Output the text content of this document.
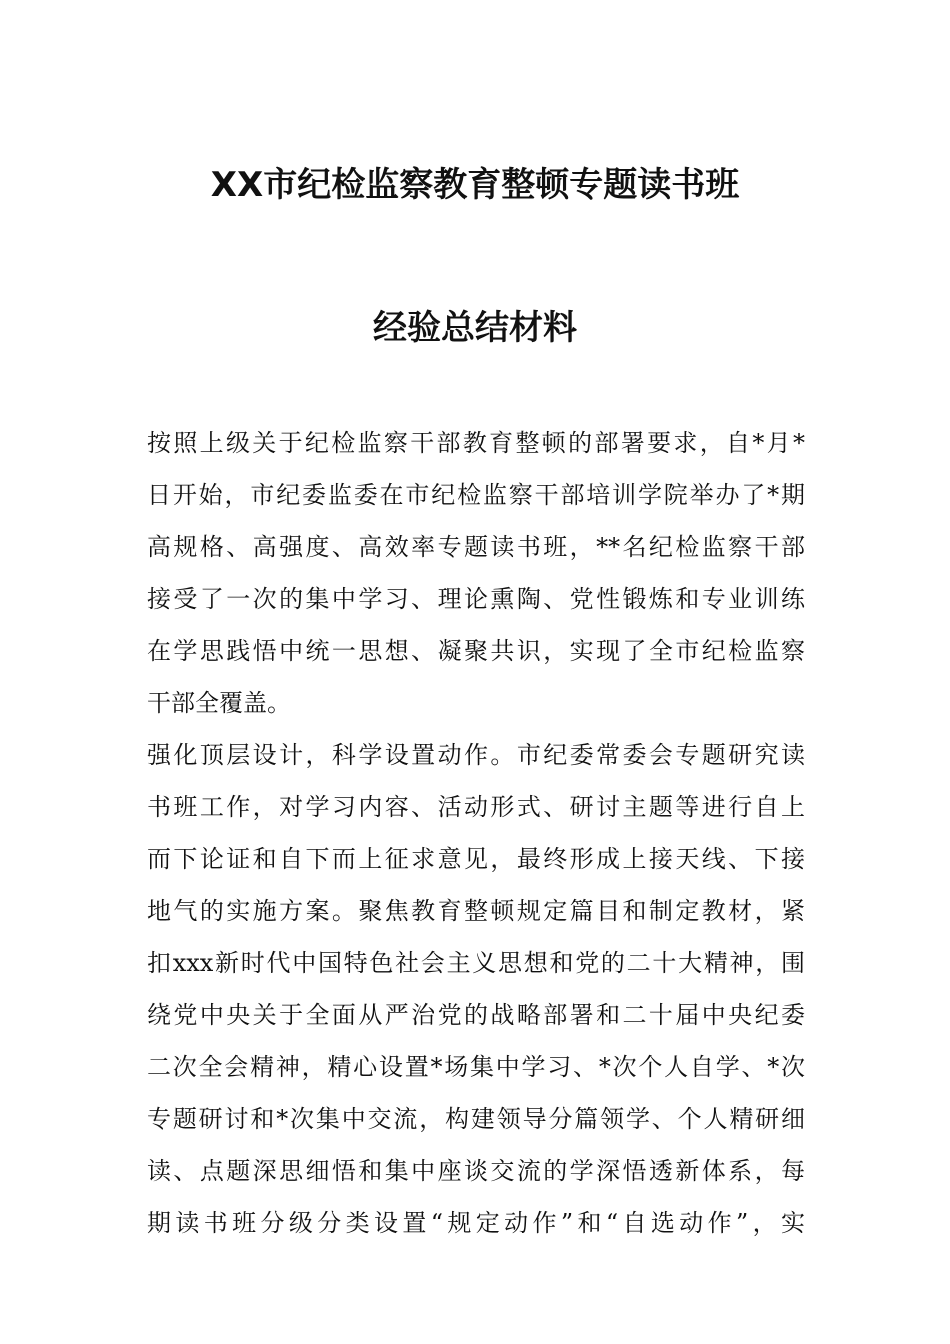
XX市纪检监察教育整顿专题读书班
经验总结材料
按照上级关于纪检监察干部教育整顿的部署要求，自*月*
日开始，市纪委监委在市纪检监察干部培训学院举办了*期
高规格、高强度、高效率专题读书班，**名纪检监察干部
接受了一次的集中学习、理论熏陶、党性锻炼和专业训练
在学思践悟中统一思想、凝聚共识，实现了全市纪检监察
干部全覆盖。
强化顶层设计，科学设置动作。市纪委常委会专题研究读
书班工作，对学习内容、活动形式、研讨主题等进行自上
而下论证和自下而上征求意见，最终形成上接天线、下接
地气的实施方案。聚焦教育整顿规定篇目和制定教材，紧
扣xxx新时代中国特色社会主义思想和党的二十大精神，围
绕党中央关于全面从严治党的战略部署和二十届中央纪委
二次全会精神，精心设置*场集中学习、*次个人自学、*次
专题研讨和*次集中交流，构建领导分篇领学、个人精研细
读、点题深思细悟和集中座谈交流的学深悟透新体系，每
期读书班分级分类设置“规定动作”和“自选动作”，实
